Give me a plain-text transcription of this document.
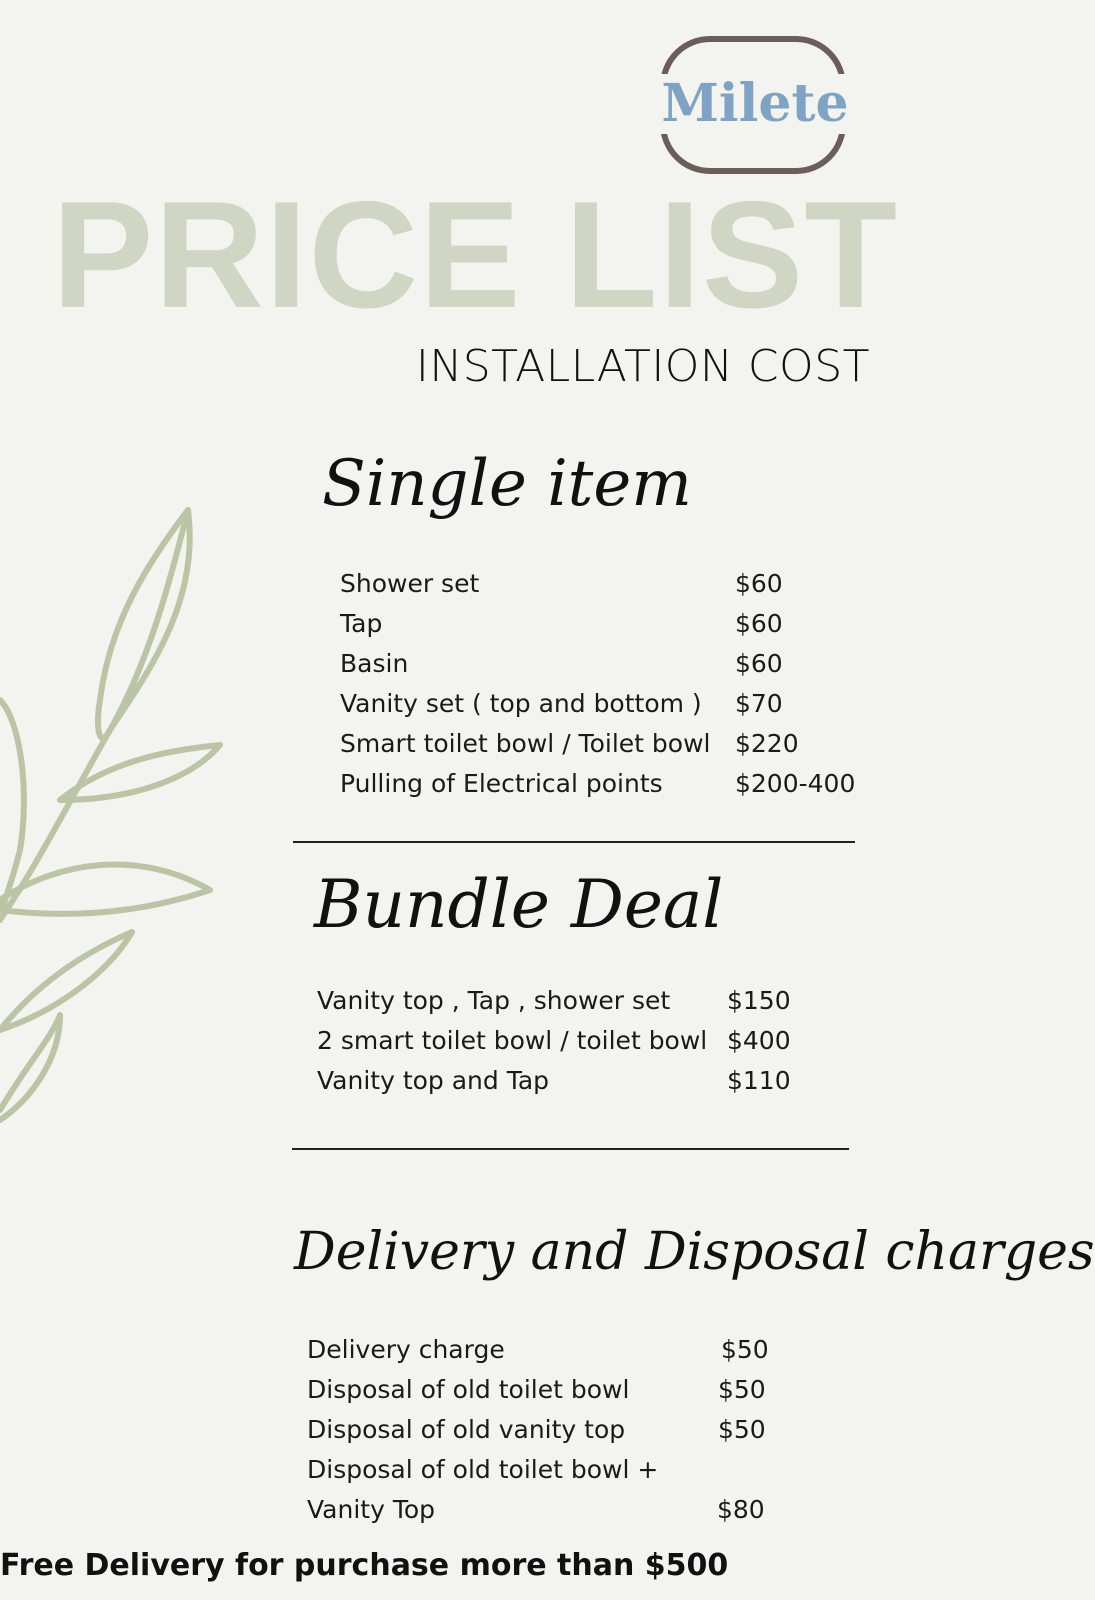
Milete
PRICE LIST
INSTALLATION COST
Single item
Shower set	$60
Tap	$60
Basin	$60
Vanity set ( top and bottom ) $70
Smart toilet bowl / Toilet bowl $220
Pulling of Electrical points	$200-400
Bundle Deal
Vanity top , Tap , shower set $150
2 smart toilet bowl / toilet bowl $400
Vanity top and Tap	$110
Delivery and Disposal charges
Delivery charge	$50
Disposal of old toilet bowl	$50
Disposal of old vanity top	$50
Disposal of old toilet bowl +
Vanity Top	$80
Free Delivery for purchase more than $500
